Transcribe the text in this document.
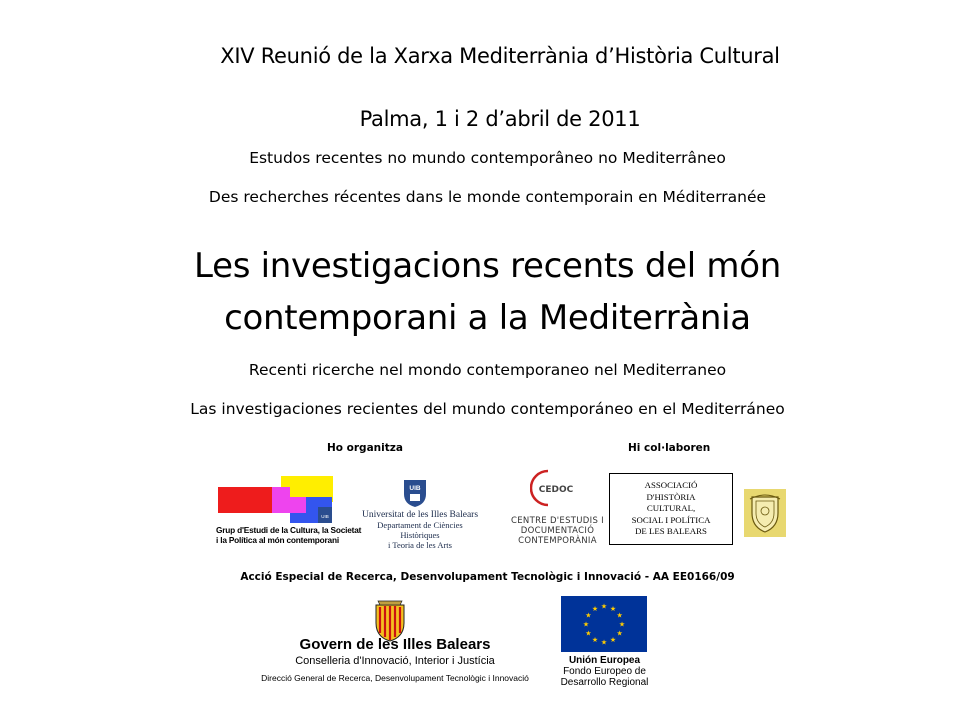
XIV Reunió de la Xarxa Mediterrània d’Història Cultural
Palma, 1 i 2 d’abril de 2011
Estudos recentes no mundo contemporâneo no Mediterrâneo
Des recherches récentes dans le monde contemporain en Méditerranée
Les investigacions recents del món
contemporani a la Mediterrània
Recenti ricerche nel mondo contemporaneo nel Mediterraneo
Las investigaciones recientes del mundo contemporáneo en el Mediterráneo
Ho organitza	Hi col·laboren
UIB
Grup d'Estudi de la Cultura, la Societat
i la Política al món contemporani
UIB
Universitat de les Illes Balears
Departament de Ciències Històriques
i Teoria de les Arts
CEDOC
CENTRE D'ESTUDIS I
DOCUMENTACIÓ
CONTEMPORÀNIA
ASSOCIACIÓ
D'HISTÒRIA
CULTURAL,
SOCIAL I POLÍTICA
DE LES BALEARS
Acció Especial de Recerca, Desenvolupament Tecnològic i Innovació - AA EE0166/09
Govern de les Illes Balears
Conselleria d'Innovació, Interior i Justícia
Direcció General de Recerca, Desenvolupament Tecnològic i Innovació
★ ★
★
★
★
★
★
★
★
★
★
★
Unión Europea
Fondo Europeo de
Desarrollo Regional
